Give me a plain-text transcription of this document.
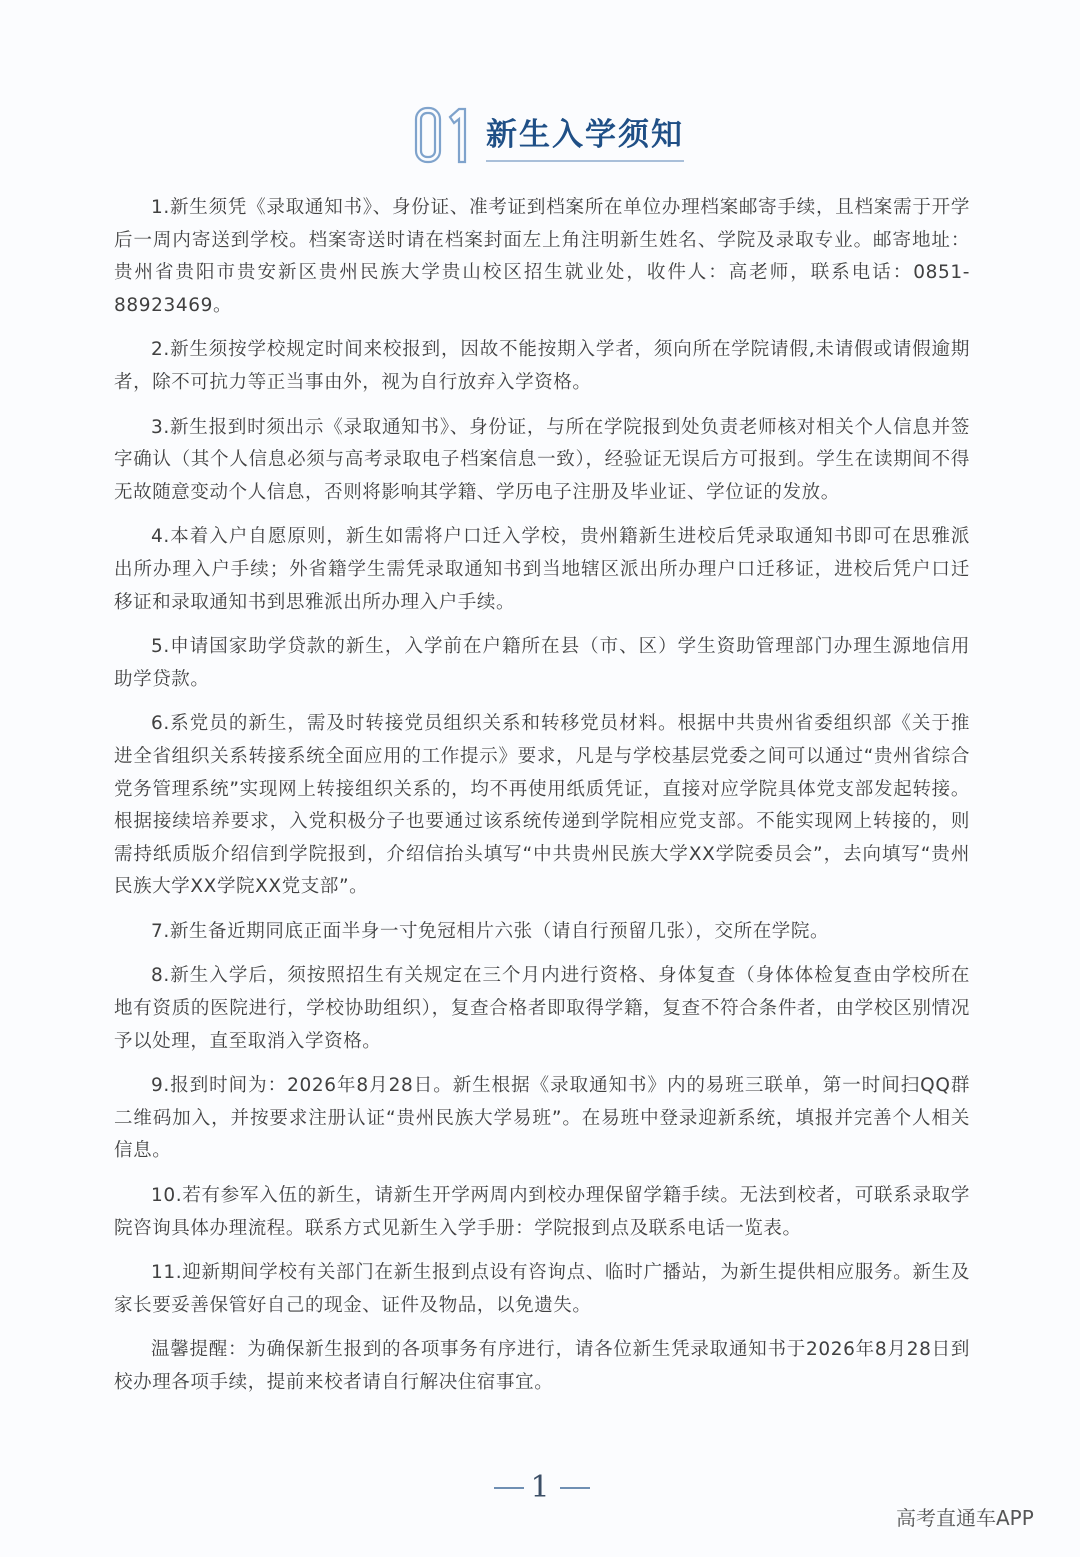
新生入学须知

1.新生须凭《录取通知书》、身份证、准考证到档案所在单位办理档案邮寄手续，且档案需于开学后一周内寄送到学校。档案寄送时请在档案封面左上角注明新生姓名、学院及录取专业。邮寄地址：贵州省贵阳市贵安新区贵州民族大学贵山校区招生就业处，收件人：高老师，联系电话：0851-88923469。

2.新生须按学校规定时间来校报到，因故不能按期入学者，须向所在学院请假,未请假或请假逾期者，除不可抗力等正当事由外，视为自行放弃入学资格。

3.新生报到时须出示《录取通知书》、身份证，与所在学院报到处负责老师核对相关个人信息并签字确认（其个人信息必须与高考录取电子档案信息一致），经验证无误后方可报到。学生在读期间不得无故随意变动个人信息，否则将影响其学籍、学历电子注册及毕业证、学位证的发放。

4.本着入户自愿原则，新生如需将户口迁入学校，贵州籍新生进校后凭录取通知书即可在思雅派出所办理入户手续；外省籍学生需凭录取通知书到当地辖区派出所办理户口迁移证，进校后凭户口迁移证和录取通知书到思雅派出所办理入户手续。

5.申请国家助学贷款的新生，入学前在户籍所在县（市、区）学生资助管理部门办理生源地信用助学贷款。

6.系党员的新生，需及时转接党员组织关系和转移党员材料。根据中共贵州省委组织部《关于推进全省组织关系转接系统全面应用的工作提示》要求，凡是与学校基层党委之间可以通过“贵州省综合党务管理系统”实现网上转接组织关系的，均不再使用纸质凭证，直接对应学院具体党支部发起转接。根据接续培养要求，入党积极分子也要通过该系统传递到学院相应党支部。不能实现网上转接的，则需持纸质版介绍信到学院报到，介绍信抬头填写“中共贵州民族大学XX学院委员会”，去向填写“贵州民族大学XX学院XX党支部”。

7.新生备近期同底正面半身一寸免冠相片六张（请自行预留几张），交所在学院。

8.新生入学后，须按照招生有关规定在三个月内进行资格、身体复查（身体体检复查由学校所在地有资质的医院进行，学校协助组织），复查合格者即取得学籍，复查不符合条件者，由学校区别情况予以处理，直至取消入学资格。

9.报到时间为：2026年8月28日。新生根据《录取通知书》内的易班三联单，第一时间扫QQ群二维码加入，并按要求注册认证“贵州民族大学易班”。在易班中登录迎新系统，填报并完善个人相关信息。

10.若有参军入伍的新生，请新生开学两周内到校办理保留学籍手续。无法到校者，可联系录取学院咨询具体办理流程。联系方式见新生入学手册：学院报到点及联系电话一览表。

11.迎新期间学校有关部门在新生报到点设有咨询点、临时广播站，为新生提供相应服务。新生及家长要妥善保管好自己的现金、证件及物品，以免遗失。

温馨提醒：为确保新生报到的各项事务有序进行，请各位新生凭录取通知书于2026年8月28日到校办理各项手续，提前来校者请自行解决住宿事宜。

1
高考直通车APP
